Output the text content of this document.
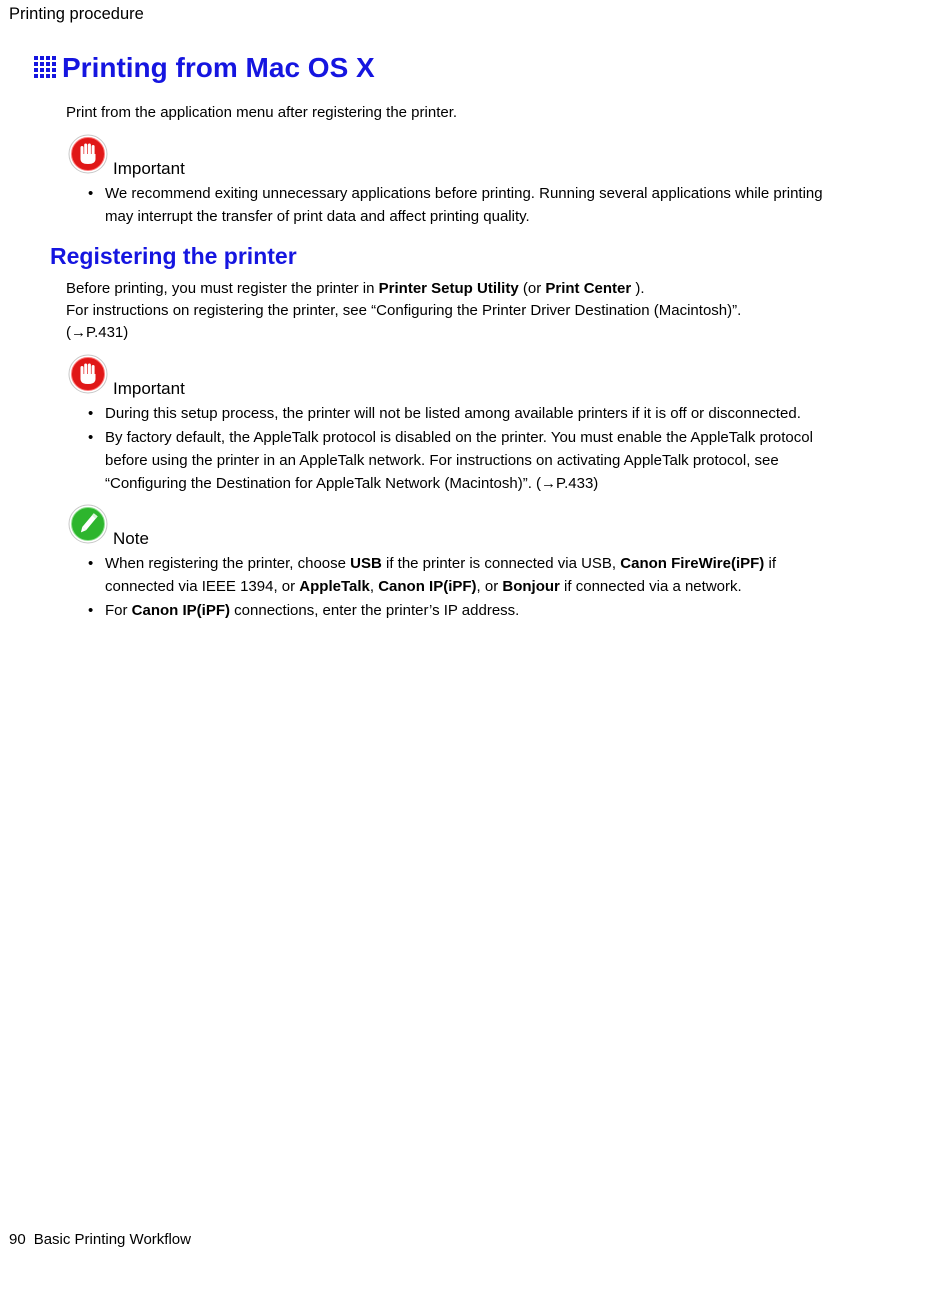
Printing procedure
Printing from Mac OS X
Print from the application menu after registering the printer.
Important
• We recommend exiting unnecessary applications before printing. Running several applications while printing may interrupt the transfer of print data and affect printing quality.
Registering the printer

Before printing, you must register the printer in Printer Setup Utility (or Print Center ).

For instructions on registering the printer, see “Configuring the Printer Driver Destination (Macintosh)”.

(→P.431)

Important
• During this setup process, the printer will not be listed among available printers if it is off or disconnected.
• By factory default, the AppleTalk protocol is disabled on the printer. You must enable the AppleTalk protocol before using the printer in an AppleTalk network. For instructions on activating AppleTalk protocol, see “Configuring the Destination for AppleTalk Network (Macintosh)”. (→P.433)
Note
• When registering the printer, choose USB if the printer is connected via USB, Canon FireWire(iPF) if connected via IEEE 1394, or AppleTalk, Canon IP(iPF), or Bonjour if connected via a network.
• For Canon IP(iPF) connections, enter the printer’s IP address.
90 Basic Printing Workflow
